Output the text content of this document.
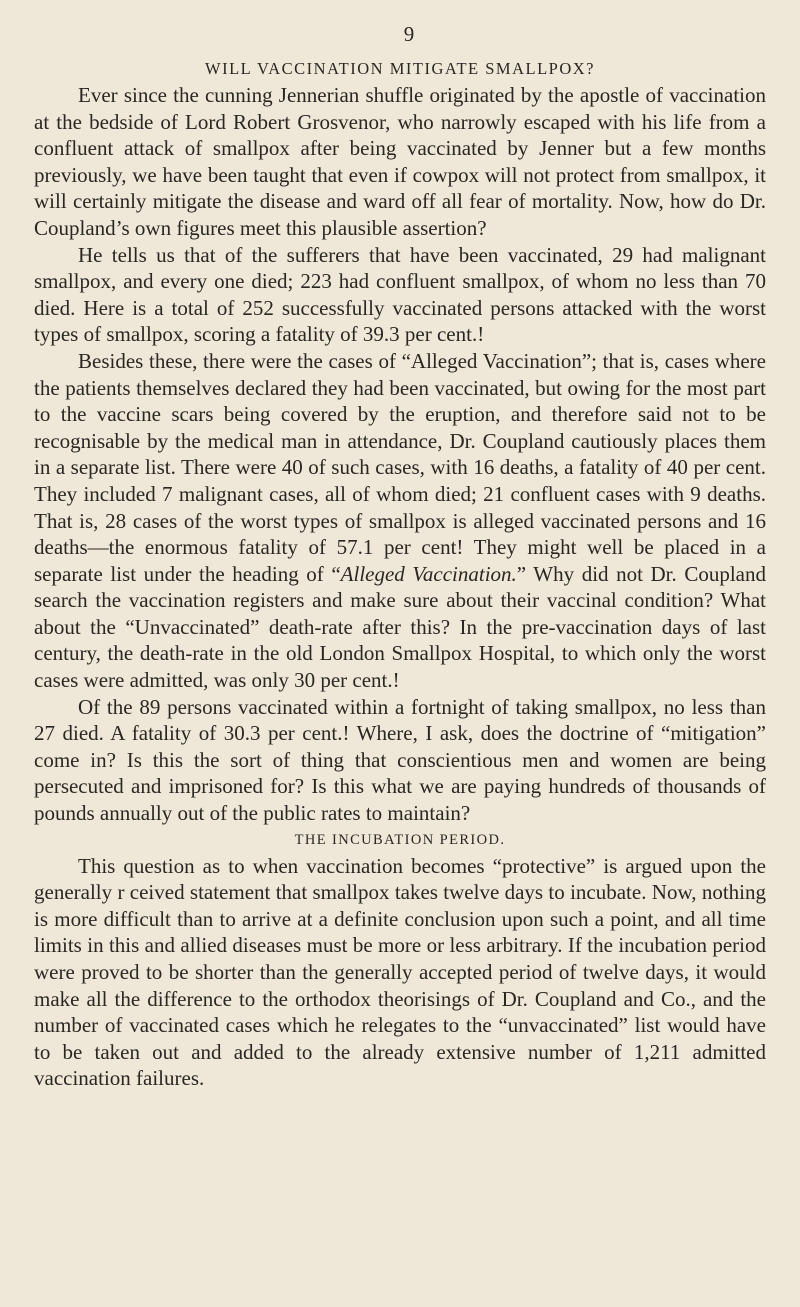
9
WILL VACCINATION MITIGATE SMALLPOX?

Ever since the cunning Jennerian shuffle originated by the apostle of vaccination at the bedside of Lord Robert Grosvenor, who narrowly escaped with his life from a confluent attack of smallpox after being vaccinated by Jenner but a few months previously, we have been taught that even if cowpox will not protect from smallpox, it will certainly mitigate the disease and ward off all fear of mortality. Now, how do Dr. Coupland’s own figures meet this plausible assertion?

He tells us that of the sufferers that have been vaccinated, 29 had malignant smallpox, and every one died; 223 had confluent smallpox, of whom no less than 70 died. Here is a total of 252 successfully vaccinated persons attacked with the worst types of smallpox, scoring a fatality of 39.3 per cent.!

Besides these, there were the cases of “Alleged Vaccination”; that is, cases where the patients themselves declared they had been vaccinated, but owing for the most part to the vaccine scars being covered by the eruption, and therefore said not to be recognisable by the medical man in attendance, Dr. Coupland cautiously places them in a separate list. There were 40 of such cases, with 16 deaths, a fatality of 40 per cent. They included 7 malignant cases, all of whom died; 21 confluent cases with 9 deaths. That is, 28 cases of the worst types of smallpox is alleged vaccinated persons and 16 deaths—the enormous fatality of 57.1 per cent! They might well be placed in a separate list under the heading of “Alleged Vaccination.” Why did not Dr. Coupland search the vaccination registers and make sure about their vaccinal condition? What about the “Unvaccinated” death-rate after this? In the pre-vaccination days of last century, the death-rate in the old London Smallpox Hospital, to which only the worst cases were admitted, was only 30 per cent.!

Of the 89 persons vaccinated within a fortnight of taking smallpox, no less than 27 died. A fatality of 30.3 per cent.! Where, I ask, does the doctrine of “mitigation” come in? Is this the sort of thing that conscientious men and women are being persecuted and imprisoned for? Is this what we are paying hundreds of thousands of pounds annually out of the public rates to maintain?

THE INCUBATION PERIOD.

This question as to when vaccination becomes “protective” is argued upon the generally r ceived statement that smallpox takes twelve days to incubate. Now, nothing is more difficult than to arrive at a definite conclusion upon such a point, and all time limits in this and allied diseases must be more or less arbitrary. If the incubation period were proved to be shorter than the generally accepted period of twelve days, it would make all the difference to the orthodox theorisings of Dr. Coupland and Co., and the number of vaccinated cases which he relegates to the “unvaccinated” list would have to be taken out and added to the already extensive number of 1,211 admitted vaccination failures.
